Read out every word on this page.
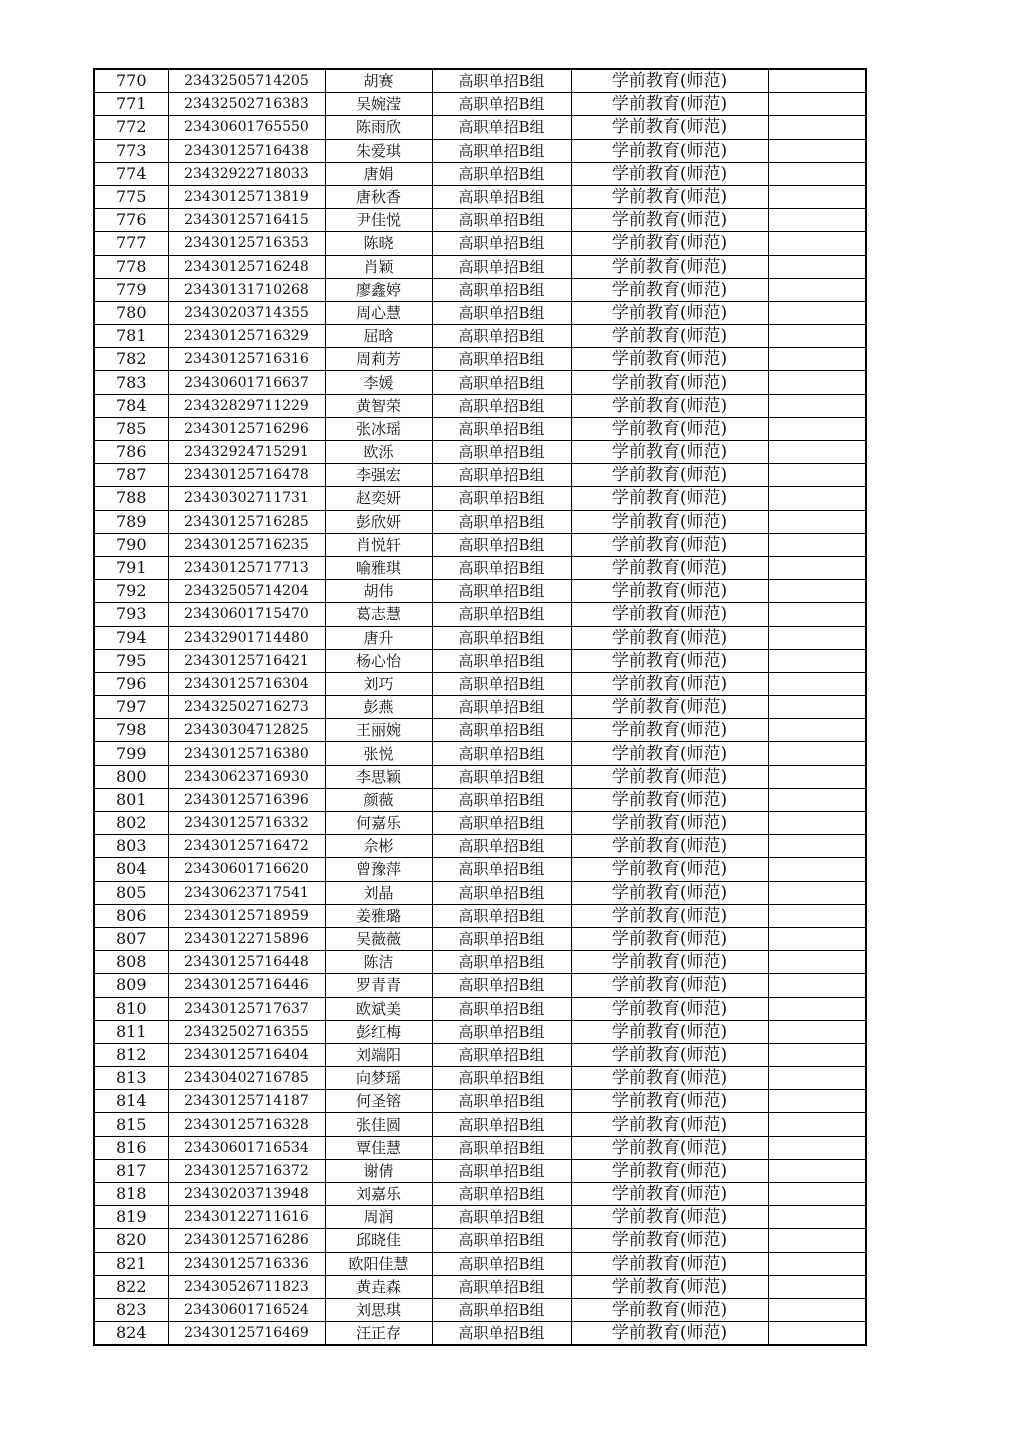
770	23432505714205	胡赛	高职单招B组	学前教育(师范)	
771	23432502716383	吴婉滢	高职单招B组	学前教育(师范)	
772	23430601765550	陈雨欣	高职单招B组	学前教育(师范)	
773	23430125716438	朱爱琪	高职单招B组	学前教育(师范)	
774	23432922718033	唐娟	高职单招B组	学前教育(师范)	
775	23430125713819	唐秋香	高职单招B组	学前教育(师范)	
776	23430125716415	尹佳悦	高职单招B组	学前教育(师范)	
777	23430125716353	陈晓	高职单招B组	学前教育(师范)	
778	23430125716248	肖颖	高职单招B组	学前教育(师范)	
779	23430131710268	廖鑫婷	高职单招B组	学前教育(师范)	
780	23430203714355	周心慧	高职单招B组	学前教育(师范)	
781	23430125716329	屈晗	高职单招B组	学前教育(师范)	
782	23430125716316	周莉芳	高职单招B组	学前教育(师范)	
783	23430601716637	李媛	高职单招B组	学前教育(师范)	
784	23432829711229	黄智荣	高职单招B组	学前教育(师范)	
785	23430125716296	张冰瑶	高职单招B组	学前教育(师范)	
786	23432924715291	欧泺	高职单招B组	学前教育(师范)	
787	23430125716478	李强宏	高职单招B组	学前教育(师范)	
788	23430302711731	赵奕妍	高职单招B组	学前教育(师范)	
789	23430125716285	彭欣妍	高职单招B组	学前教育(师范)	
790	23430125716235	肖悦轩	高职单招B组	学前教育(师范)	
791	23430125717713	喻雅琪	高职单招B组	学前教育(师范)	
792	23432505714204	胡伟	高职单招B组	学前教育(师范)	
793	23430601715470	葛志慧	高职单招B组	学前教育(师范)	
794	23432901714480	唐升	高职单招B组	学前教育(师范)	
795	23430125716421	杨心怡	高职单招B组	学前教育(师范)	
796	23430125716304	刘巧	高职单招B组	学前教育(师范)	
797	23432502716273	彭燕	高职单招B组	学前教育(师范)	
798	23430304712825	王丽婉	高职单招B组	学前教育(师范)	
799	23430125716380	张悦	高职单招B组	学前教育(师范)	
800	23430623716930	李思颖	高职单招B组	学前教育(师范)	
801	23430125716396	颜薇	高职单招B组	学前教育(师范)	
802	23430125716332	何嘉乐	高职单招B组	学前教育(师范)	
803	23430125716472	佘彬	高职单招B组	学前教育(师范)	
804	23430601716620	曾豫萍	高职单招B组	学前教育(师范)	
805	23430623717541	刘晶	高职单招B组	学前教育(师范)	
806	23430125718959	姜雅璐	高职单招B组	学前教育(师范)	
807	23430122715896	吴薇薇	高职单招B组	学前教育(师范)	
808	23430125716448	陈洁	高职单招B组	学前教育(师范)	
809	23430125716446	罗青青	高职单招B组	学前教育(师范)	
810	23430125717637	欧斌美	高职单招B组	学前教育(师范)	
811	23432502716355	彭红梅	高职单招B组	学前教育(师范)	
812	23430125716404	刘端阳	高职单招B组	学前教育(师范)	
813	23430402716785	向梦瑶	高职单招B组	学前教育(师范)	
814	23430125714187	何圣镕	高职单招B组	学前教育(师范)	
815	23430125716328	张佳圆	高职单招B组	学前教育(师范)	
816	23430601716534	覃佳慧	高职单招B组	学前教育(师范)	
817	23430125716372	谢倩	高职单招B组	学前教育(师范)	
818	23430203713948	刘嘉乐	高职单招B组	学前教育(师范)	
819	23430122711616	周润	高职单招B组	学前教育(师范)	
820	23430125716286	邱晓佳	高职单招B组	学前教育(师范)	
821	23430125716336	欧阳佳慧	高职单招B组	学前教育(师范)	
822	23430526711823	黄垚森	高职单招B组	学前教育(师范)	
823	23430601716524	刘思琪	高职单招B组	学前教育(师范)	
824	23430125716469	汪正存	高职单招B组	学前教育(师范)	
